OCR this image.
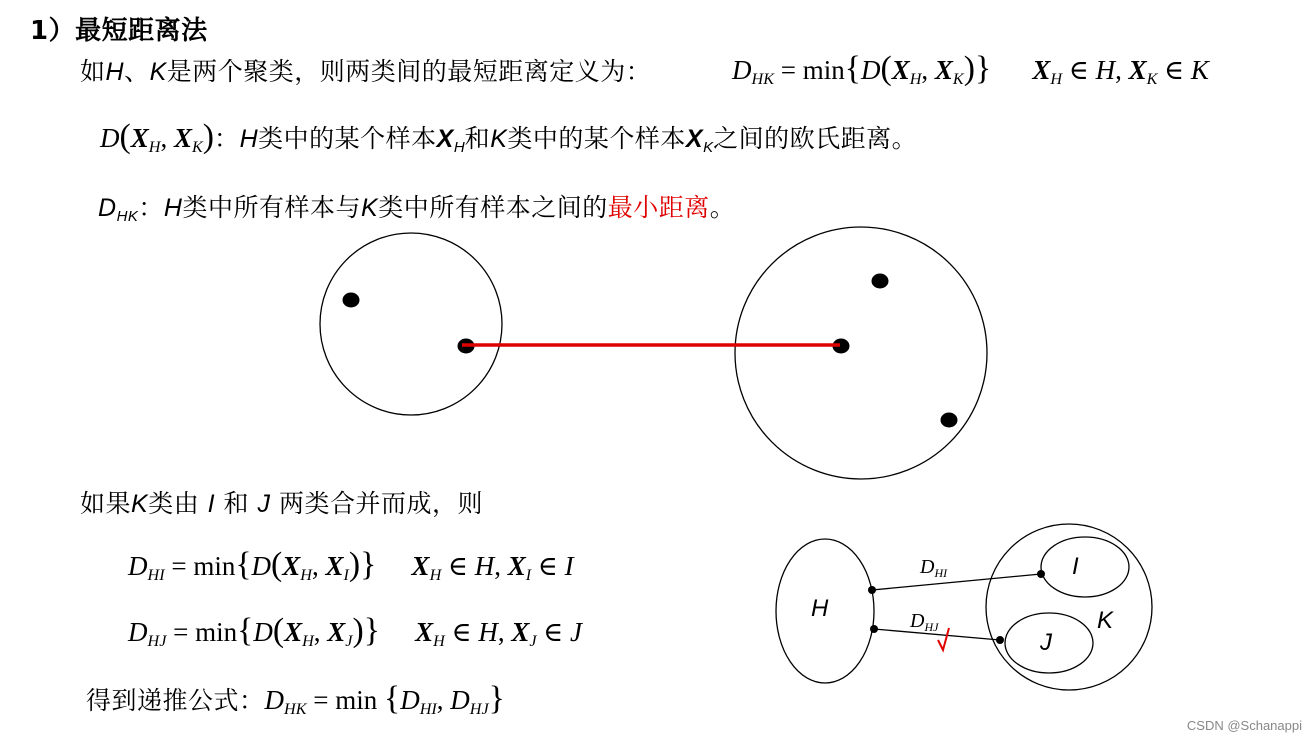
1）最短距离法
如H、K是两个聚类，则两类间的最短距离定义为：	DHK = min{D(XH, XK)} XH ∈ H, XK ∈ K
D(XH, XK)：H类中的某个样本XH和K类中的某个样本XK之间的欧氏距离。
DHK：H类中所有样本与K类中所有样本之间的最小距离。
如果K类由 I 和 J 两类合并而成，则
DHI = min{D(XH, XI)} XH ∈ H, XI ∈ I
DHJ = min{D(XH, XJ)} XH ∈ H, XJ ∈ J
得到递推公式：DHK = min {DHI, DHJ}
H
I
J
K
$D_{HI}$
$D_{HJ}$
CSDN @Schanappi
